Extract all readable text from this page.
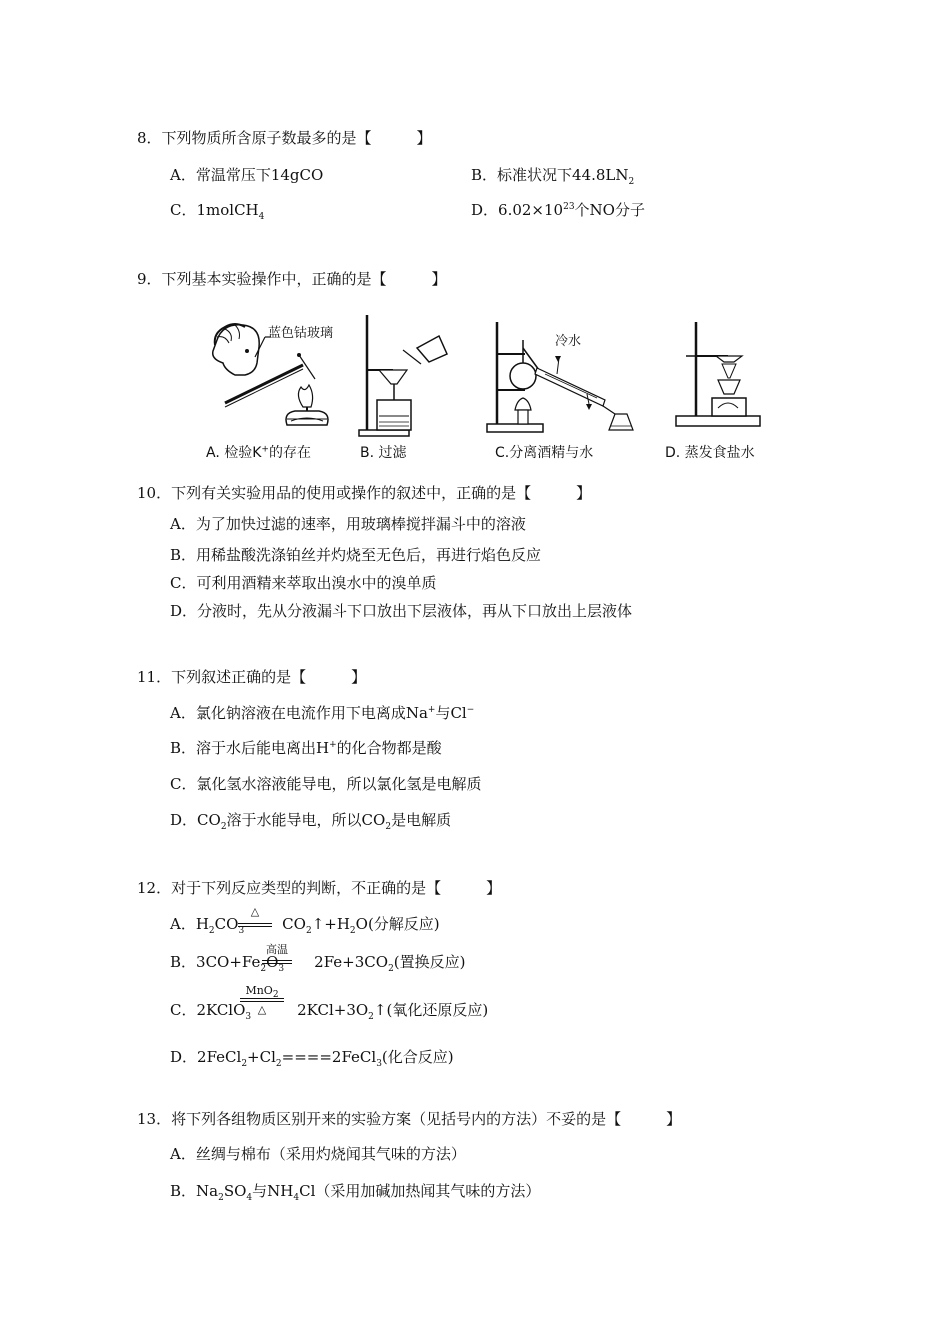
8．下列物质所含原子数最多的是【　　　】
A．常温常压下14gCO	B．标准状况下$44.8LN_2$
C．1molCH$_4$	D．$6.02\times 10^{23}$个NO分子
9．下列基本实验操作中，正确的是【　　　】
蓝色钴玻璃
A. 检验K+的存在	B. 过滤
冷水
C.分离酒精与水	D. 蒸发食盐水
10．下列有关实验用品的使用或操作的叙述中，正确的是【　　　】
A．为了加快过滤的速率，用玻璃棒搅拌漏斗中的溶液
B．用稀盐酸洗涤铂丝并灼烧至无色后，再进行焰色反应
C．可利用酒精来萃取出溴水中的溴单质
D．分液时，先从分液漏斗下口放出下层液体，再从下口放出上层液体
11．下列叙述正确的是【　　　】
A．氯化钠溶液在电流作用下电离成Na+与Cl−
B．溶于水后能电离出H+的化合物都是酸
C．氯化氢水溶液能导电，所以氯化氢是电解质
D．$CO_2$溶于水能导电，所以$CO_2$是电解质
12．对于下列反应类型的判断，不正确的是【　　　】
A．$H_2CO_3$	$CO_2↑+H_2O$(分解反应)
△
B．$3CO+Fe_2O_3$ $2Fe+3CO_2$(置换反应)
高温
C．2KClO$_3$	$2KCl+3O_2↑$(氧化还原反应)
MnO$_2$
△
D．$2FeCl_2+Cl_2====2FeCl_3$(化合反应)
13．将下列各组物质区别开来的实验方案（见括号内的方法）不妥的是【　　　】
A．丝绸与棉布（采用灼烧闻其气味的方法）
B．$Na_2SO_4$与$NH_4Cl$（采用加碱加热闻其气味的方法）
